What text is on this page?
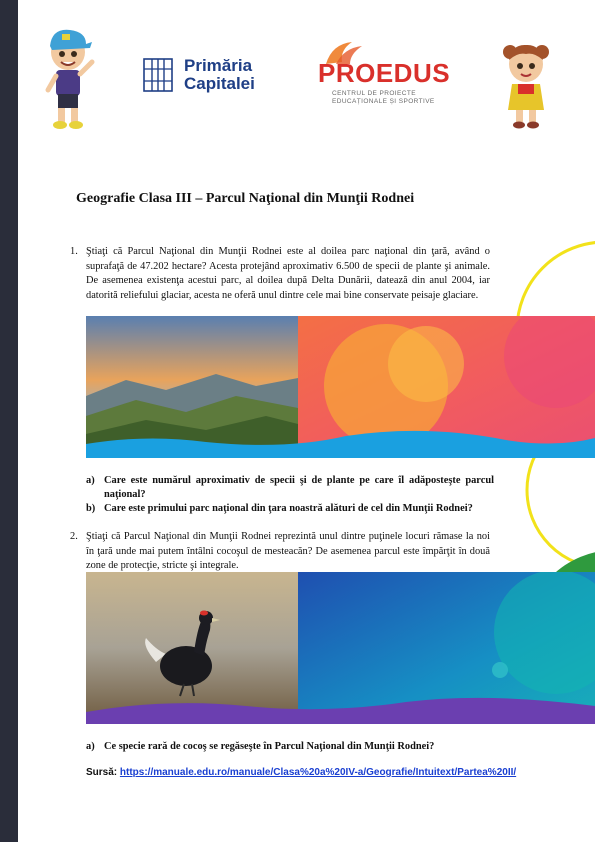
Primăria
Capitalei PROEDUS
CENTRUL DE PROIECTE EDUCAȚIONALE ȘI SPORTIVE
Geografie Clasa III – Parcul Naţional din Munţii Rodnei
1. Ştiaţi că Parcul Naţional din Munţii Rodnei este al doilea parc naţional din ţară, având o suprafaţă de 47.202 hectare? Acesta protejând aproximativ 6.500 de specii de plante şi animale. De asemenea existenţa acestui parc, al doilea după Delta Dunării, datează din anul 2004, iar datorită reliefului glaciar, acesta ne oferă unul dintre cele mai bine conservate peisaje glaciare.
a) Care este numărul aproximativ de specii şi de plante pe care îl adăposteşte parcul naţional?
b) Care este primului parc naţional din ţara noastră alături de cel din Munţii Rodnei?
2. Ştiaţi că Parcul Naţional din Munţii Rodnei reprezintă unul dintre puţinele locuri rămase la noi în ţară unde mai putem întâlni cocoşul de mesteacăn? De asemenea parcul este împărţit în două zone de protecţie, stricte şi integrale.
a) Ce specie rară de cocoş se regăseşte în Parcul Naţional din Munţii Rodnei?
Sursă: https://manuale.edu.ro/manuale/Clasa%20a%20IV-a/Geografie/Intuitext/Partea%20II/
